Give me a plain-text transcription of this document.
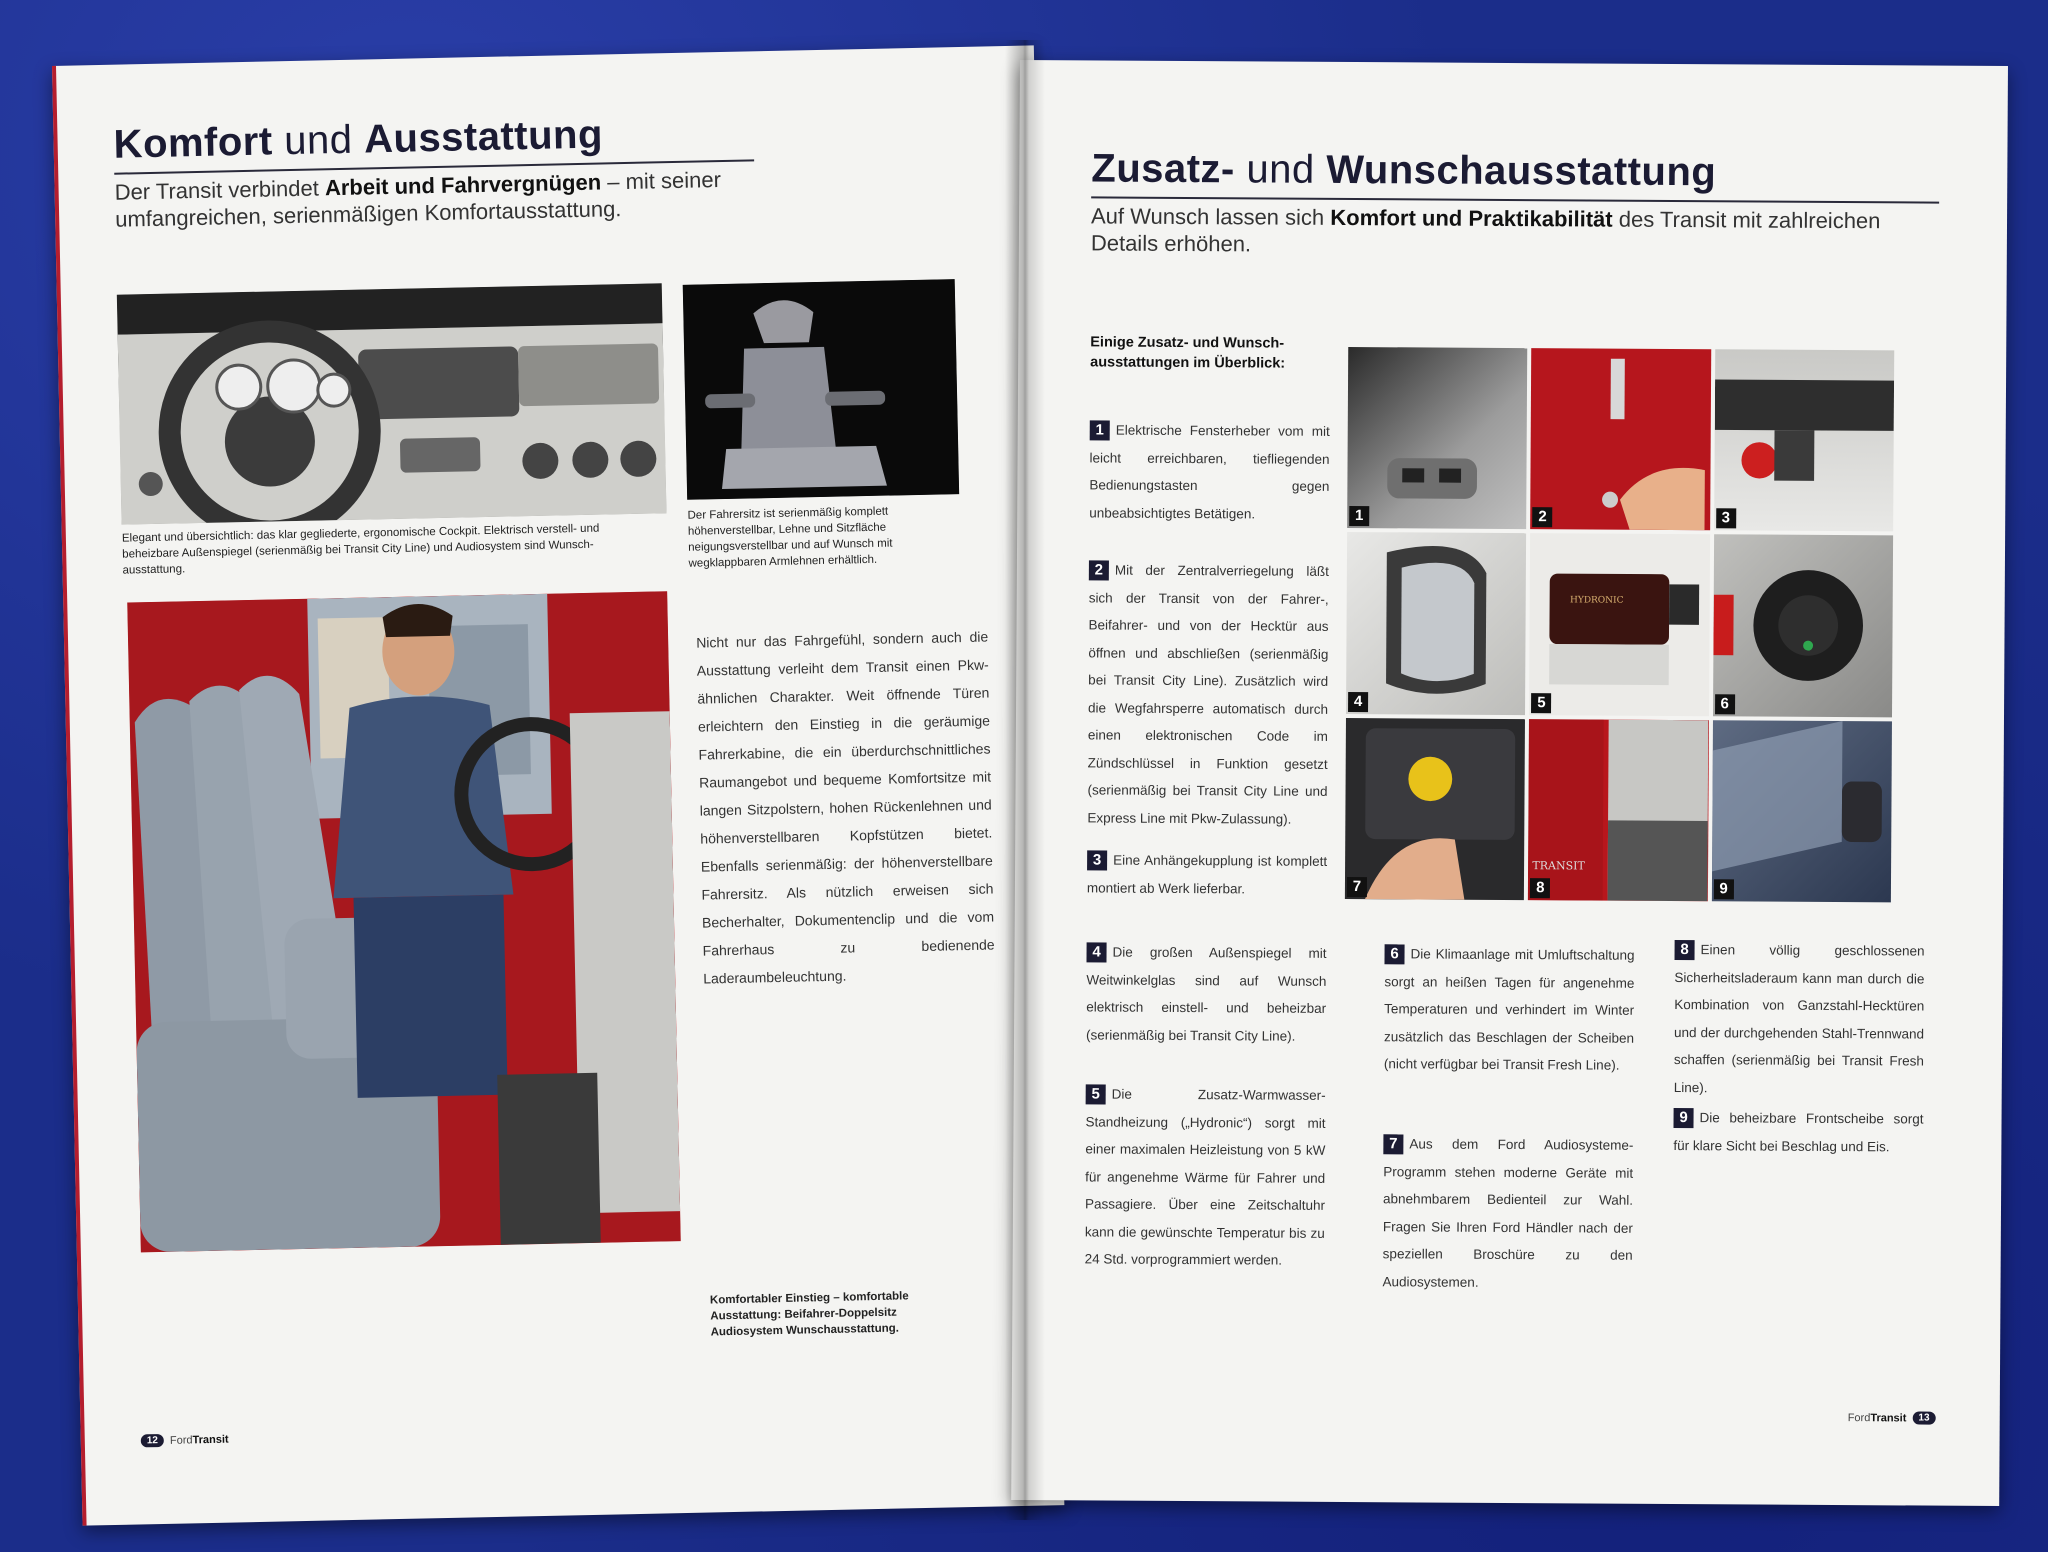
Komfort und Ausstattung
Der Transit verbindet Arbeit und Fahrvergnügen – mit seiner umfangreichen, serienmäßigen Komfortausstattung.
Elegant und übersichtlich: das klar gegliederte, ergonomische Cockpit. Elektrisch verstell- und beheizbare Außenspiegel (serienmäßig bei Transit City Line) und Audiosystem sind Wunsch-ausstattung.
Der Fahrersitz ist serienmäßig komplett höhenverstellbar, Lehne und Sitzfläche neigungsverstellbar und auf Wunsch mit wegklappbaren Armlehnen erhältlich.
Nicht nur das Fahrgefühl, sondern auch die Ausstattung verleiht dem Transit einen Pkw-ähnlichen Charakter. Weit öffnende Türen erleichtern den Einstieg in die geräumige Fahrerkabine, die ein überdurchschnittliches Raumangebot und bequeme Komfortsitze mit langen Sitzpolstern, hohen Rückenlehnen und höhenverstellbaren Kopfstützen bietet. Ebenfalls serienmäßig: der höhenverstellbare Fahrersitz. Als nützlich erweisen sich Becherhalter, Dokumentenclip und die vom Fahrerhaus zu bedienende Laderaumbeleuchtung.
Komfortabler Einstieg – komfortable Ausstattung: Beifahrer-Doppelsitz Audiosystem Wunschausstattung.
12	FordTransit
Zusatz- und Wunschausstattung
Auf Wunsch lassen sich Komfort und Praktikabilität des Transit mit zahlreichen Details erhöhen.
Einige Zusatz- und Wunsch-ausstattungen im Überblick:
1	2	3
4
HYDRONIC
5	6
7
TRANSIT
8	9
1 Elektrische Fensterheber vom mit leicht erreichbaren, tiefliegenden Bedienungstasten gegen unbeabsichtigtes Betätigen.
2 Mit der Zentralverriegelung läßt sich der Transit von der Fahrer-, Beifahrer- und von der Hecktür aus öffnen und abschließen (serienmäßig bei Transit City Line). Zusätzlich wird die Wegfahrsperre automatisch durch einen elektronischen Code im Zündschlüssel in Funktion gesetzt (serienmäßig bei Transit City Line und Express Line mit Pkw-Zulassung).
3 Eine Anhängekupplung ist komplett montiert ab Werk lieferbar.
4 Die großen Außenspiegel mit Weitwinkelglas sind auf Wunsch elektrisch einstell- und beheizbar (serienmäßig bei Transit City Line).
5 Die Zusatz-Warmwasser-Standheizung („Hydronic“) sorgt mit einer maximalen Heizleistung von 5 kW für angenehme Wärme für Fahrer und Passagiere. Über eine Zeitschaltuhr kann die gewünschte Temperatur bis zu 24 Std. vorprogrammiert werden.
6 Die Klimaanlage mit Umluftschaltung sorgt an heißen Tagen für angenehme Temperaturen und verhindert im Winter zusätzlich das Beschlagen der Scheiben (nicht verfügbar bei Transit Fresh Line).
7 Aus dem Ford Audiosysteme-Programm stehen moderne Geräte mit abnehmbarem Bedienteil zur Wahl. Fragen Sie Ihren Ford Händler nach der speziellen Broschüre zu den Audiosystemen.
8 Einen völlig geschlossenen Sicherheitsladeraum kann man durch die Kombination von Ganzstahl-Hecktüren und der durchgehenden Stahl-Trennwand schaffen (serienmäßig bei Transit Fresh Line).
9 Die beheizbare Frontscheibe sorgt für klare Sicht bei Beschlag und Eis.
FordTransit	13
